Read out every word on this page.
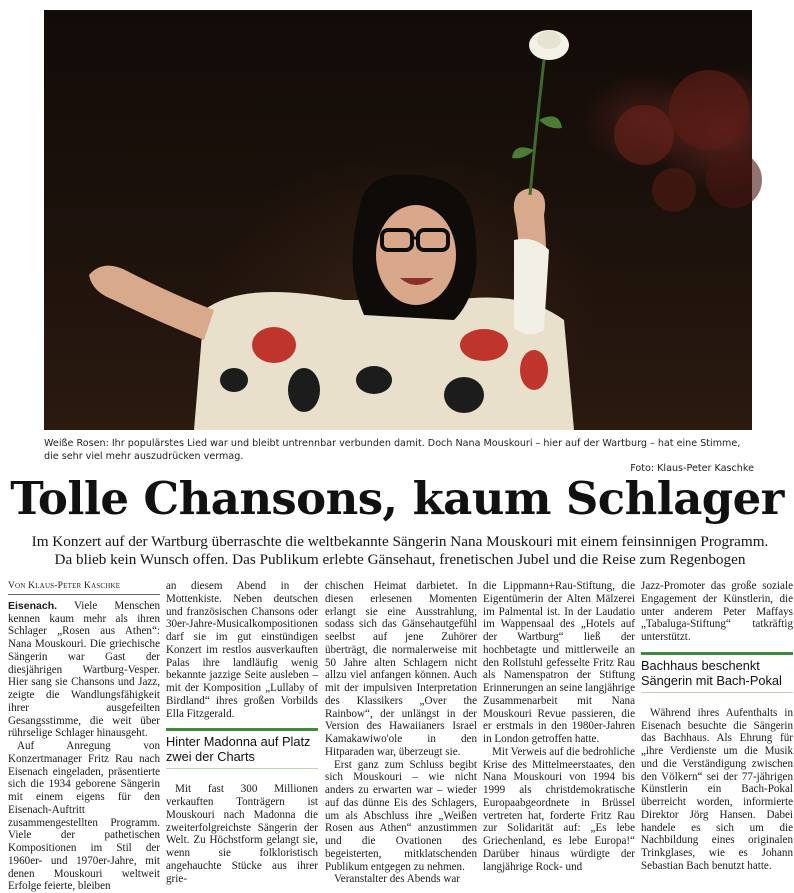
Weiße Rosen: Ihr populärstes Lied war und bleibt untrennbar verbunden damit. Doch Nana Mouskouri – hier auf der Wartburg – hat eine Stimme, die sehr viel mehr auszudrücken vermag.
Foto: Klaus-Peter Kaschke
Tolle Chansons, kaum Schlager
Im Konzert auf der Wartburg überraschte die weltbekannte Sängerin Nana Mouskouri mit einem feinsinnigen Programm.
Da blieb kein Wunsch offen. Das Publikum erlebte Gänsehaut, frenetischen Jubel und die Reise zum Regenbogen
Von Klaus-Peter Kaschke

Eisenach. Viele Menschen kennen kaum mehr als ihren Schlager „Rosen aus Athen“: Nana Mouskouri. Die griechische Sängerin war Gast der diesjährigen Wartburg-Vesper. Hier sang sie Chansons und Jazz, zeigte die Wandlungsfähigkeit ihrer ausgefeilten Gesangsstimme, die weit über rührselige Schlager hinausgeht.

Auf Anregung von Konzertmanager Fritz Rau nach Eisenach eingeladen, präsentierte sich die 1934 geborene Sängerin mit einem eigens für den Eisenach-Auftritt zusammengestellten Programm. Viele der pathetischen Kompositionen im Stil der 1960er- und 1970er-Jahre, mit denen Mouskouri weltweit Erfolge feierte, bleiben

an diesem Abend in der Mottenkiste. Neben deutschen und französischen Chansons oder 30er-Jahre-Musicalkompositionen darf sie im gut einstündigen Konzert im restlos ausverkauften Palas ihre landläufig wenig bekannte jazzige Seite ausleben – mit der Komposition „Lullaby of Birdland“ ihres großen Vorbilds Ella Fitzgerald.

Hinter Madonna auf Platz zwei der Charts

Mit fast 300 Millionen verkauften Tonträgern ist Mouskouri nach Madonna die zweiterfolgreichste Sängerin der Welt. Zu Höchstform gelangt sie, wenn sie folkloristisch angehauchte Stücke aus ihrer grie-

chischen Heimat darbietet. In diesen erlesenen Momenten erlangt sie eine Ausstrahlung, sodass sich das Gänsehautgefühl seelbst auf jene Zuhörer überträgt, die normalerweise mit 50 Jahre alten Schlagern nicht allzu viel anfangen können. Auch mit der impulsiven Interpretation des Klassikers „Over the Rainbow“, der unlängst in der Version des Hawaiianers Israel Kamakawiwo'ole in den Hitparaden war, überzeugt sie.

Erst ganz zum Schluss begibt sich Mouskouri – wie nicht anders zu erwarten war – wieder auf das dünne Eis des Schlagers, um als Abschluss ihre „Weißen Rosen aus Athen“ anzustimmen und die Ovationen des begeisterten, mitklatschenden Publikum entgegen zu nehmen.

Veranstalter des Abends war

die Lippmann+Rau-Stiftung, die Eigentümerin der Alten Mälzerei im Palmental ist. In der Laudatio im Wappensaal des „Hotels auf der Wartburg“ ließ der hochbetagte und mittlerweile an den Rollstuhl gefesselte Fritz Rau als Namenspatron der Stiftung Erinnerungen an seine langjährige Zusammenarbeit mit Nana Mouskouri Revue passieren, die er erstmals in den 1980er-Jahren in London getroffen hatte.

Mit Verweis auf die bedrohliche Krise des Mittelmeerstaates, den Nana Mouskouri von 1994 bis 1999 als christdemokratische Europaabgeordnete in Brüssel vertreten hat, forderte Fritz Rau zur Solidarität auf: „Es lebe Griechenland, es lebe Europa!“ Darüber hinaus würdigte der langjährige Rock- und

Jazz-Promoter das große soziale Engagement der Künstlerin, die unter anderem Peter Maffays „Tabaluga-Stiftung“ tatkräftig unterstützt.

Bachhaus beschenkt Sängerin mit Bach-Pokal

Während ihres Aufenthalts in Eisenach besuchte die Sängerin das Bachhaus. Als Ehrung für „ihre Verdienste um die Musik und die Verständigung zwischen den Völkern“ sei der 77-jährigen Künstlerin ein Bach-Pokal überreicht worden, informierte Direktor Jörg Hansen. Dabei handele es sich um die Nachbildung eines originalen Trinkglases, wie es Johann Sebastian Bach benutzt hatte.
